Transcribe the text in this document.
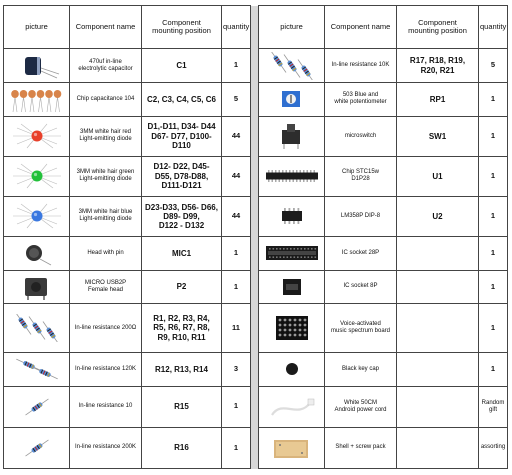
picture	Component name	Component
mounting position	quantity		picture	Component name	Component
mounting position	quantity

	470uf in-line
electrolytic capacitor	C1	1			In-line resistance 10K	R17, R18, R19,
R20, R21	5

	Chip capacitance 104	C2, C3, C4, C5, C6	5			503 Blue and
white potentiometer	RP1	1

	3MM white hair red
Light-emitting diode	D1,-D11, D34- D44
D67- D77, D100-
D110	44			microswitch	SW1	1

	3MM white hair green
Light-emitting diode	D12- D22, D45-
D55, D78-D88,
D111-D121	44			Chip STC15w
D1P28	U1	1

	3MM white hair blue
Light-emitting diode	D23-D33, D56- D66,
D89- D99,
D122 - D132	44			LM358P DIP-8	U2	1

	Head with pin	MIC1	1			IC socket 28P		1

	MICRO USB2P
Female head	P2	1			IC socket 8P		1

	In-line resistance 200Ω	R1, R2, R3, R4,
R5, R6, R7, R8,
R9, R10, R11	11			Voice-activated
music spectrum board		1

	In-line resistance 120K	R12, R13, R14	3			Black key cap		1

	In-line resistance 10	R15	1			White 50CM
Android power cord		Random
gift

	In-line resistance 200K	R16	1			Shell + screw pack		assorting
